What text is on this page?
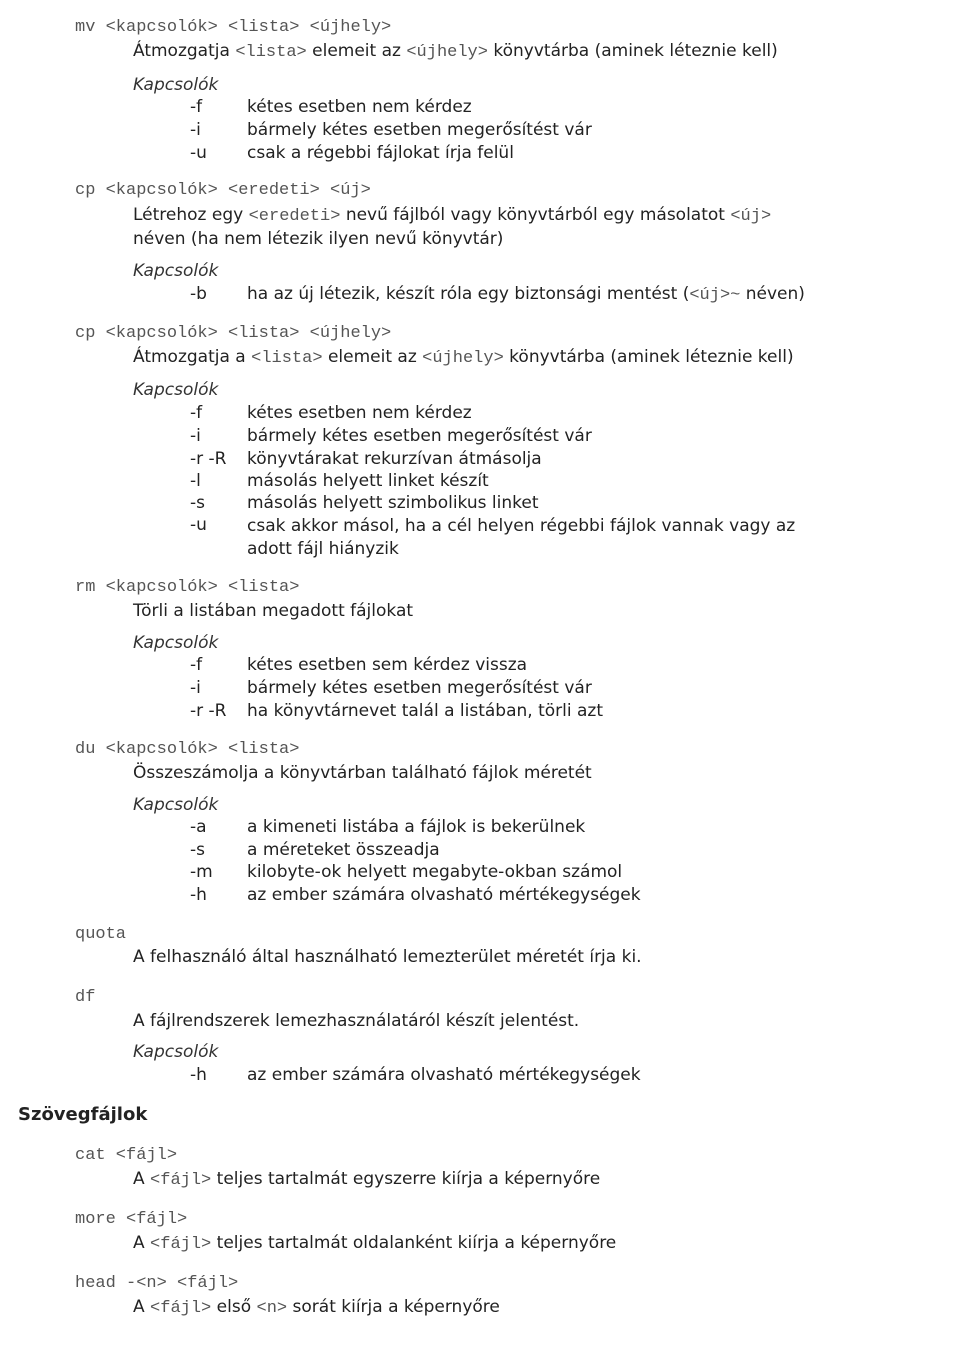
mv <kapcsolók> <lista> <újhely>
Átmozgatja <lista> elemeit az <újhely> könyvtárba (aminek léteznie kell)
Kapcsolók
-f	kétes esetben nem kérdez
-i	bármely kétes esetben megerősítést vár
-u csak a régebbi fájlokat írja felül
cp <kapcsolók> <eredeti> <új>
Létrehoz egy <eredeti> nevű fájlból vagy könyvtárból egy másolatot <új>
néven (ha nem létezik ilyen nevű könyvtár)
Kapcsolók
-b ha az új létezik, készít róla egy biztonsági mentést (<új>~ néven)
cp <kapcsolók> <lista> <újhely>
Átmozgatja a <lista> elemeit az <újhely> könyvtárba (aminek léteznie kell)
Kapcsolók
-f	kétes esetben nem kérdez
-i	bármely kétes esetben megerősítést vár
-r -R könyvtárakat rekurzívan átmásolja
-l	másolás helyett linket készít
-s másolás helyett szimbolikus linket
-u csak akkor másol, ha a cél helyen régebbi fájlok vannak vagy az adott fájl hiányzik
rm <kapcsolók> <lista>
Törli a listában megadott fájlokat
Kapcsolók
-f	kétes esetben sem kérdez vissza
-i	bármely kétes esetben megerősítést vár
-r -R ha könyvtárnevet talál a listában, törli azt
du <kapcsolók> <lista>
Összeszámolja a könyvtárban található fájlok méretét
Kapcsolók
-a a kimeneti listába a fájlok is bekerülnek
-s a méreteket összeadja
-m kilobyte-ok helyett megabyte-okban számol
-h az ember számára olvasható mértékegységek
quota
A felhasználó által használható lemezterület méretét írja ki.
df
A fájlrendszerek lemezhasználatáról készít jelentést.
Kapcsolók
-h az ember számára olvasható mértékegységek
Szövegfájlok
cat <fájl>
A <fájl> teljes tartalmát egyszerre kiírja a képernyőre
more <fájl>
A <fájl> teljes tartalmát oldalanként kiírja a képernyőre
head -<n> <fájl>
A <fájl> első <n> sorát kiírja a képernyőre
